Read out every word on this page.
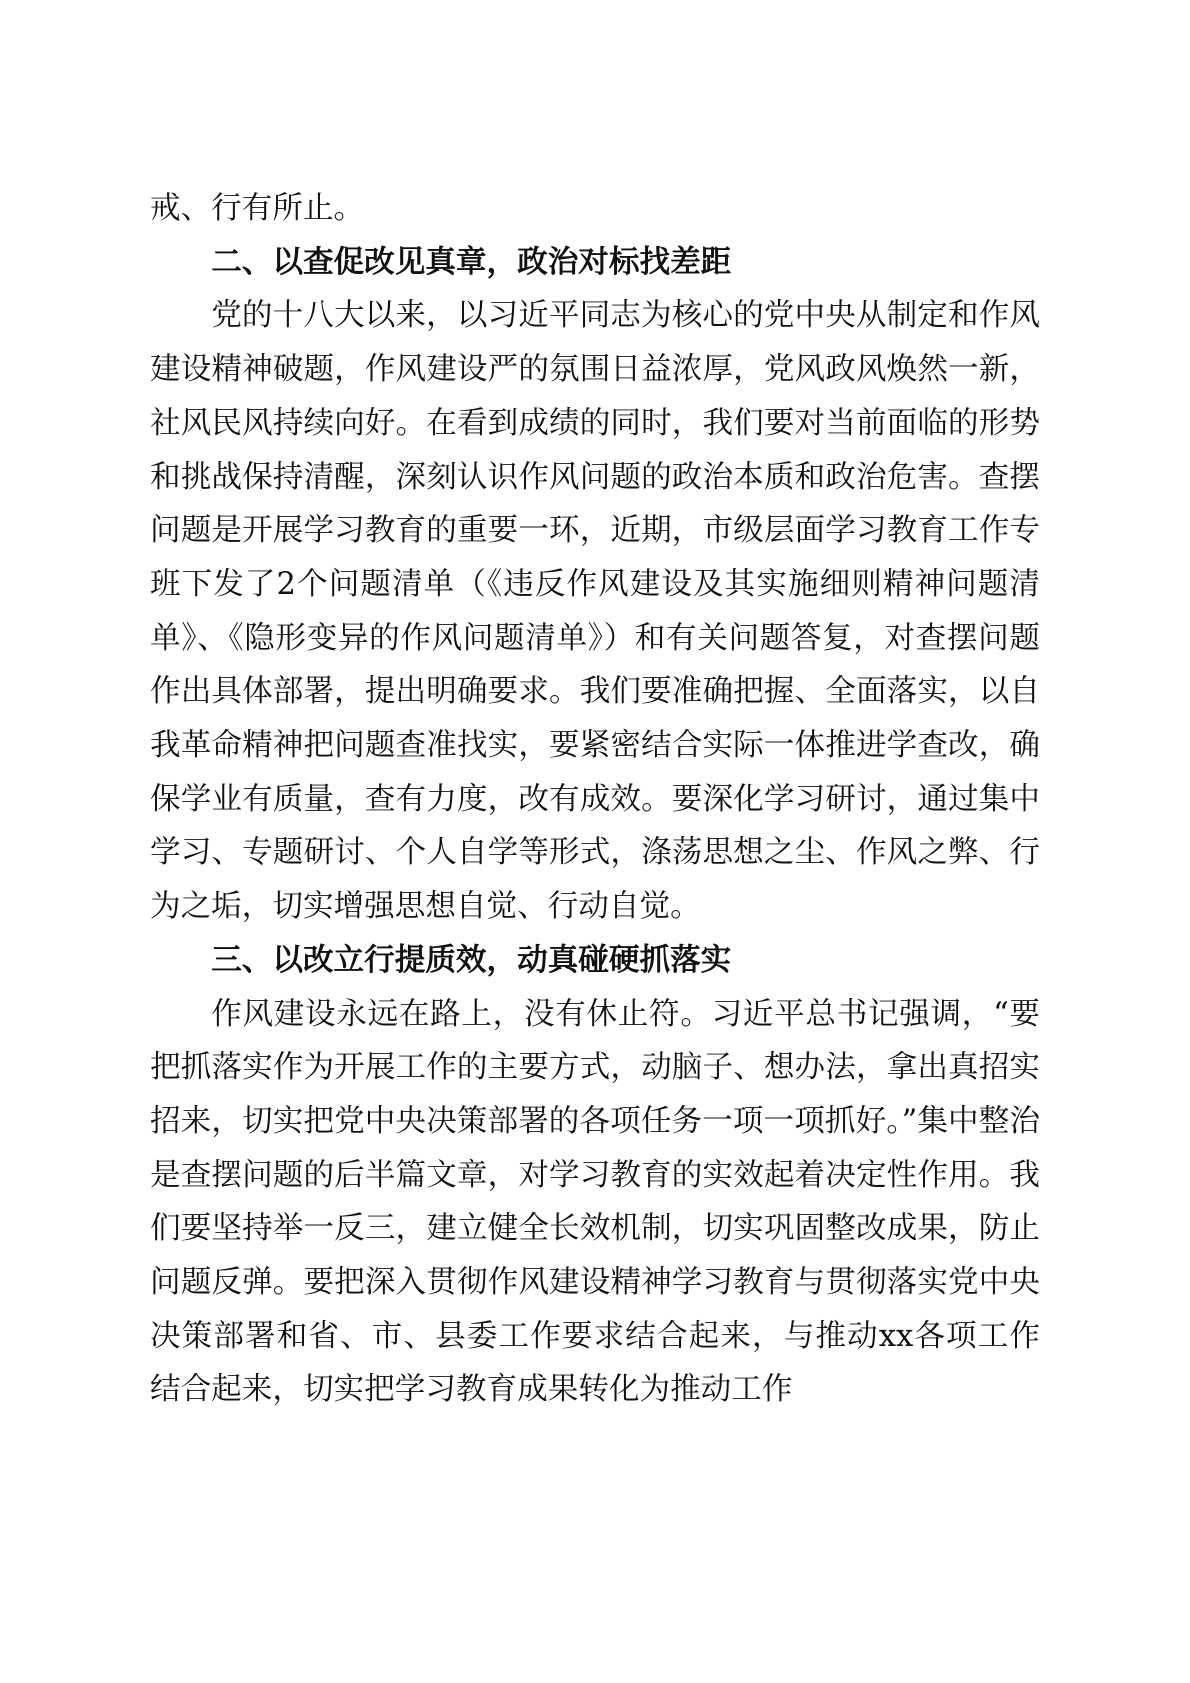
戒、行有所止。

二、以查促改见真章，政治对标找差距

党的十八大以来，以习近平同志为核心的党中央从制定和作风建设精神破题，作风建设严的氛围日益浓厚，党风政风焕然一新，社风民风持续向好。在看到成绩的同时，我们要对当前面临的形势和挑战保持清醒，深刻认识作风问题的政治本质和政治危害。查摆问题是开展学习教育的重要一环，近期，市级层面学习教育工作专班下发了2个问题清单（《违反作风建设及其实施细则精神问题清单》、《隐形变异的作风问题清单》）和有关问题答复，对查摆问题作出具体部署，提出明确要求。我们要准确把握、全面落实，以自我革命精神把问题查准找实，要紧密结合实际一体推进学查改，确保学业有质量，查有力度，改有成效。要深化学习研讨，通过集中学习、专题研讨、个人自学等形式，涤荡思想之尘、作风之弊、行为之垢，切实增强思想自觉、行动自觉。

三、以改立行提质效，动真碰硬抓落实

作风建设永远在路上，没有休止符。习近平总书记强调，“要把抓落实作为开展工作的主要方式，动脑子、想办法，拿出真招实招来，切实把党中央决策部署的各项任务一项一项抓好。”集中整治是查摆问题的后半篇文章，对学习教育的实效起着决定性作用。我们要坚持举一反三，建立健全长效机制，切实巩固整改成果，防止问题反弹。要把深入贯彻作风建设精神学习教育与贯彻落实党中央决策部署和省、市、县委工作要求结合起来，与推动xx各项工作结合起来，切实把学习教育成果转化为推动工作
